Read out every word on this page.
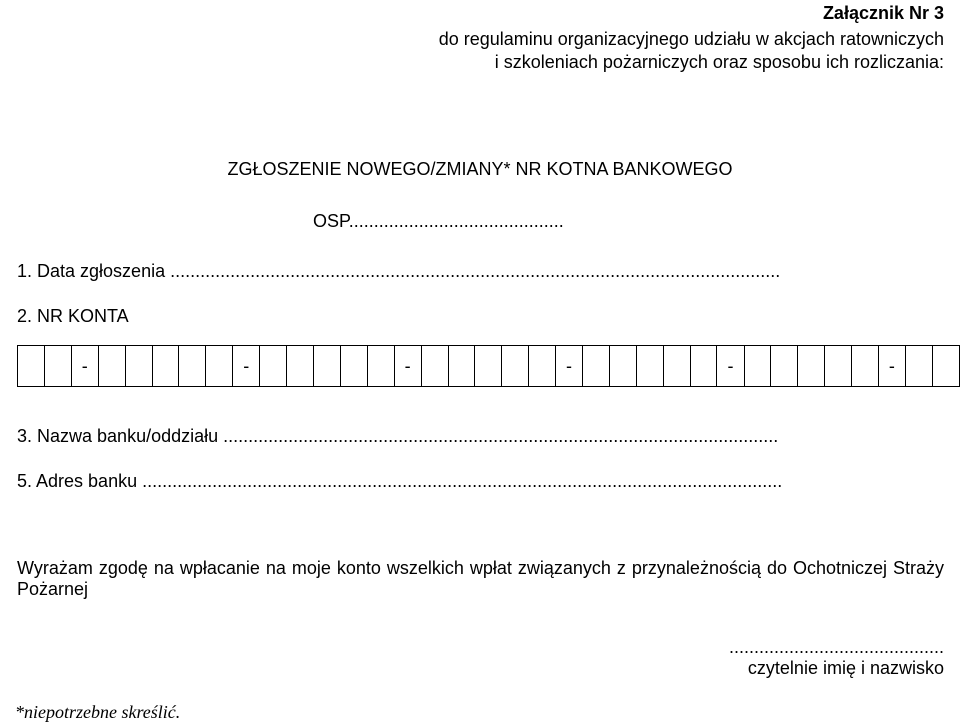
Załącznik Nr 3
do regulaminu organizacyjnego udziału w akcjach ratowniczych
i szkoleniach pożarniczych oraz sposobu ich rozliczania:
ZGŁOSZENIE NOWEGO/ZMIANY* NR KOTNA BANKOWEGO
OSP...........................................
1. Data zgłoszenia ..........................................................................................................................
2. NR KONTA
		-						-						-						-						-						-		
3. Nazwa banku/oddziału ...............................................................................................................
5. Adres banku ................................................................................................................................
Wyrażam zgodę na wpłacanie na moje konto wszelkich wpłat związanych z przynależnością do Ochotniczej Straży Pożarnej
...........................................
czytelnie imię i nazwisko
*niepotrzebne skreślić.
